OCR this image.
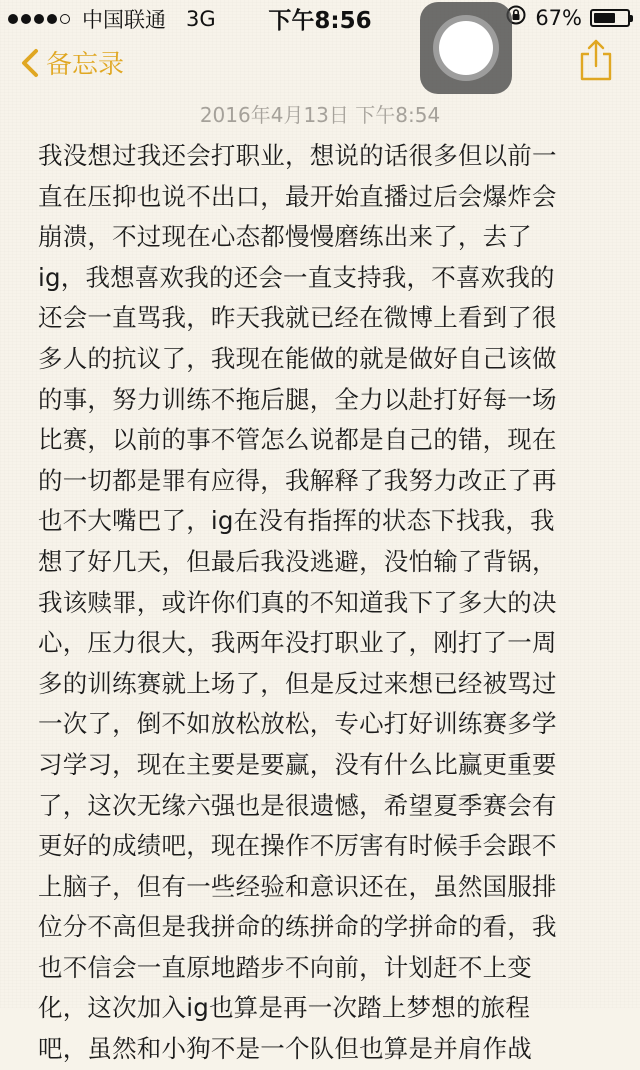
中国联通 3G	下午8:56	67%
备忘录
2016年4月13日 下午8:54
我没想过我还会打职业，想说的话很多但以前一
直在压抑也说不出口，最开始直播过后会爆炸会
崩溃，不过现在心态都慢慢磨练出来了，去了
ig，我想喜欢我的还会一直支持我，不喜欢我的
还会一直骂我，昨天我就已经在微博上看到了很
多人的抗议了，我现在能做的就是做好自己该做
的事，努力训练不拖后腿，全力以赴打好每一场
比赛，以前的事不管怎么说都是自己的错，现在
的一切都是罪有应得，我解释了我努力改正了再
也不大嘴巴了，ig在没有指挥的状态下找我，我
想了好几天，但最后我没逃避，没怕输了背锅，
我该赎罪，或许你们真的不知道我下了多大的决
心，压力很大，我两年没打职业了，刚打了一周
多的训练赛就上场了，但是反过来想已经被骂过
一次了，倒不如放松放松，专心打好训练赛多学
习学习，现在主要是要赢，没有什么比赢更重要
了，这次无缘六强也是很遗憾，希望夏季赛会有
更好的成绩吧，现在操作不厉害有时候手会跟不
上脑子，但有一些经验和意识还在，虽然国服排
位分不高但是我拼命的练拼命的学拼命的看，我
也不信会一直原地踏步不向前，计划赶不上变
化，这次加入ig也算是再一次踏上梦想的旅程
吧，虽然和小狗不是一个队但也算是并肩作战
